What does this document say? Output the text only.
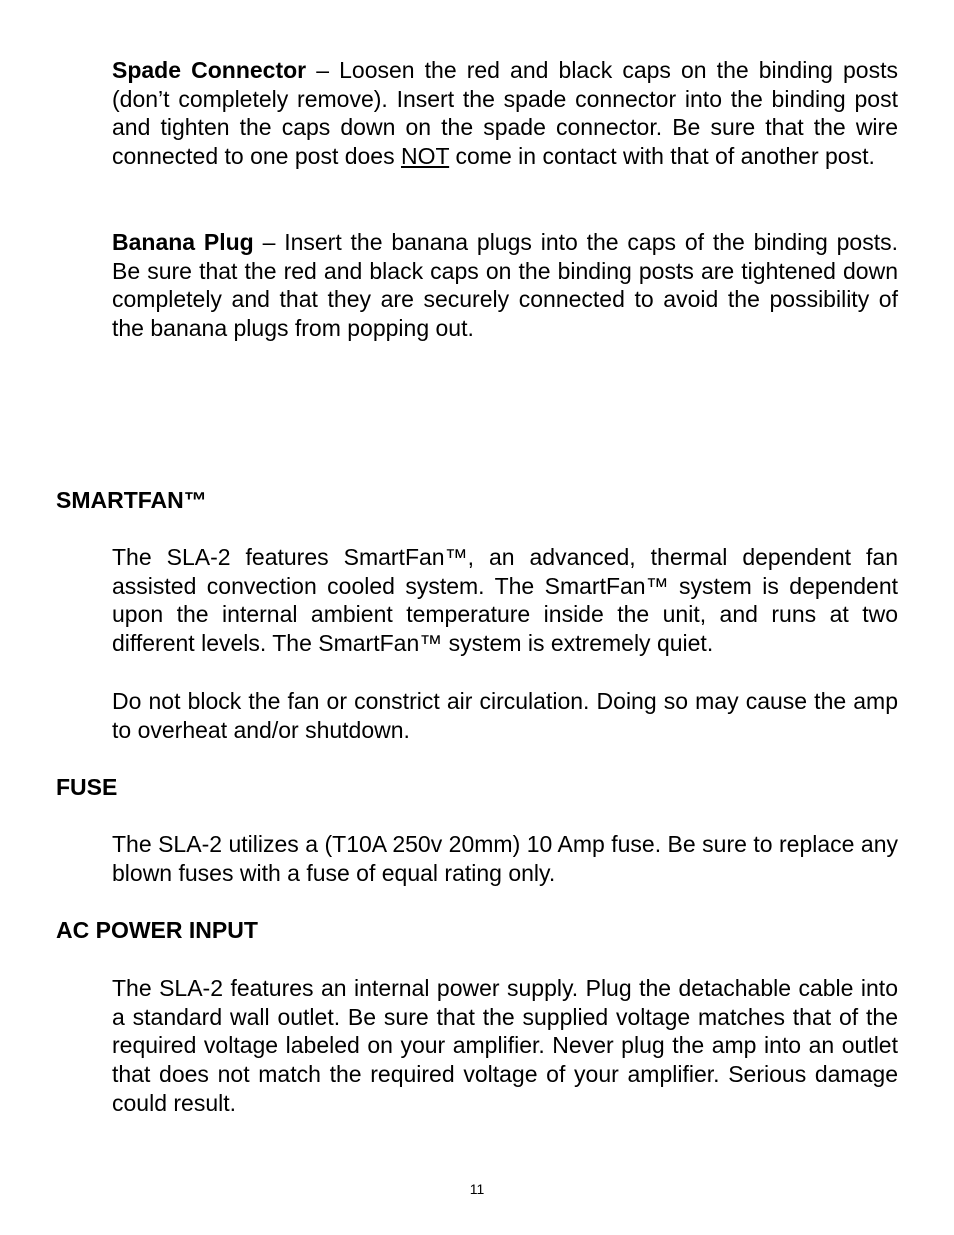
Spade Connector – Loosen the red and black caps on the binding posts (don’t completely remove). Insert the spade connector into the binding post and tighten the caps down on the spade connector. Be sure that the wire connected to one post does NOT come in contact with that of another post.

Banana Plug – Insert the banana plugs into the caps of the binding posts. Be sure that the red and black caps on the binding posts are tightened down completely and that they are securely connected to avoid the possibility of the banana plugs from popping out.

SMARTFAN™

The SLA-2 features SmartFan™, an advanced, thermal dependent fan assisted convection cooled system. The SmartFan™ system is dependent upon the internal ambient temperature inside the unit, and runs at two different levels. The SmartFan™ system is extremely quiet.

Do not block the fan or constrict air circulation. Doing so may cause the amp to overheat and/or shutdown.

FUSE

The SLA-2 utilizes a (T10A 250v 20mm) 10 Amp fuse. Be sure to replace any blown fuses with a fuse of equal rating only.

AC POWER INPUT

The SLA-2 features an internal power supply. Plug the detachable cable into a standard wall outlet. Be sure that the supplied voltage matches that of the required voltage labeled on your amplifier. Never plug the amp into an outlet that does not match the required voltage of your amplifier. Serious damage could result.

11
